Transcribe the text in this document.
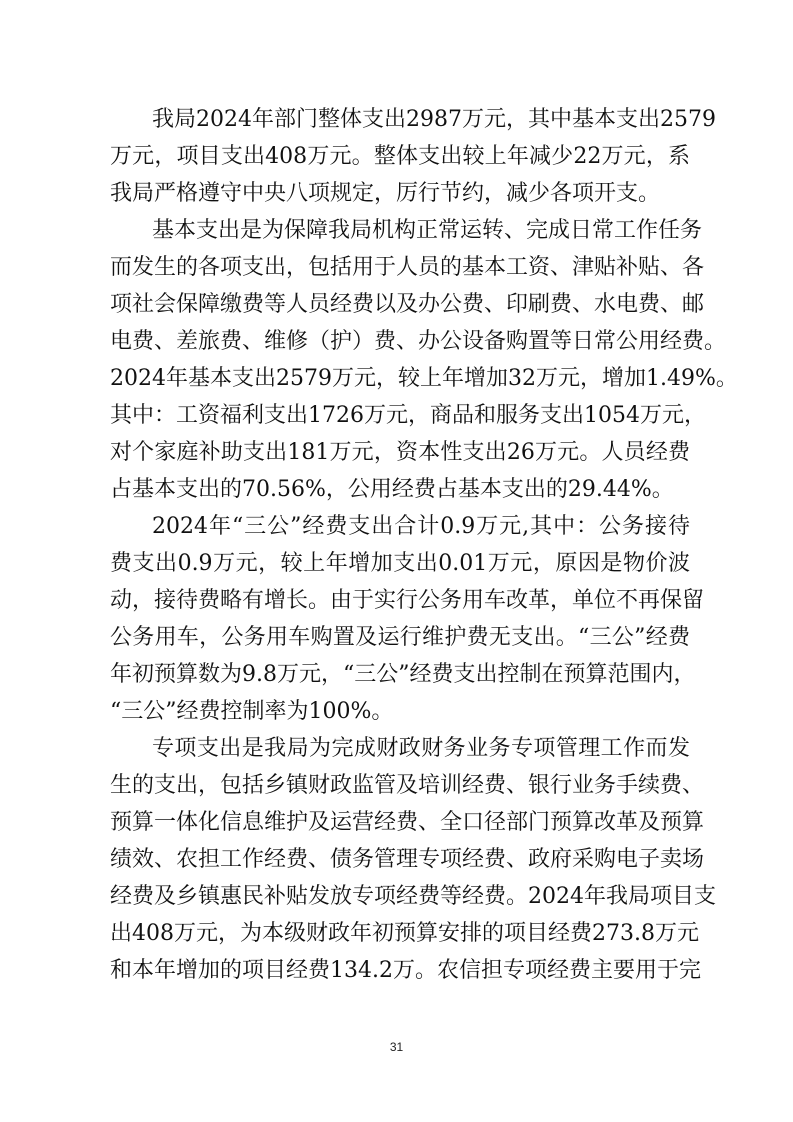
我局2024年部门整体支出2987万元，其中基本支出2579
万元，项目支出408万元。整体支出较上年减少22万元，系
我局严格遵守中央八项规定，厉行节约，减少各项开支。
基本支出是为保障我局机构正常运转、完成日常工作任务
而发生的各项支出，包括用于人员的基本工资、津贴补贴、各
项社会保障缴费等人员经费以及办公费、印刷费、水电费、邮
电费、差旅费、维修（护）费、办公设备购置等日常公用经费。
2024年基本支出2579万元，较上年增加32万元，增加1.49%。
其中：工资福利支出1726万元，商品和服务支出1054万元，
对个家庭补助支出181万元，资本性支出26万元。人员经费
占基本支出的70.56%，公用经费占基本支出的29.44%。
2024年“三公”经费支出合计0.9万元,其中：公务接待
费支出0.9万元，较上年增加支出0.01万元，原因是物价波
动，接待费略有增长。由于实行公务用车改革，单位不再保留
公务用车，公务用车购置及运行维护费无支出。“三公”经费
年初预算数为9.8万元，“三公”经费支出控制在预算范围内，
“三公”经费控制率为100%。
专项支出是我局为完成财政财务业务专项管理工作而发
生的支出，包括乡镇财政监管及培训经费、银行业务手续费、
预算一体化信息维护及运营经费、全口径部门预算改革及预算
绩效、农担工作经费、债务管理专项经费、政府采购电子卖场
经费及乡镇惠民补贴发放专项经费等经费。2024年我局项目支
出408万元，为本级财政年初预算安排的项目经费273.8万元
和本年增加的项目经费134.2万。农信担专项经费主要用于完
31
